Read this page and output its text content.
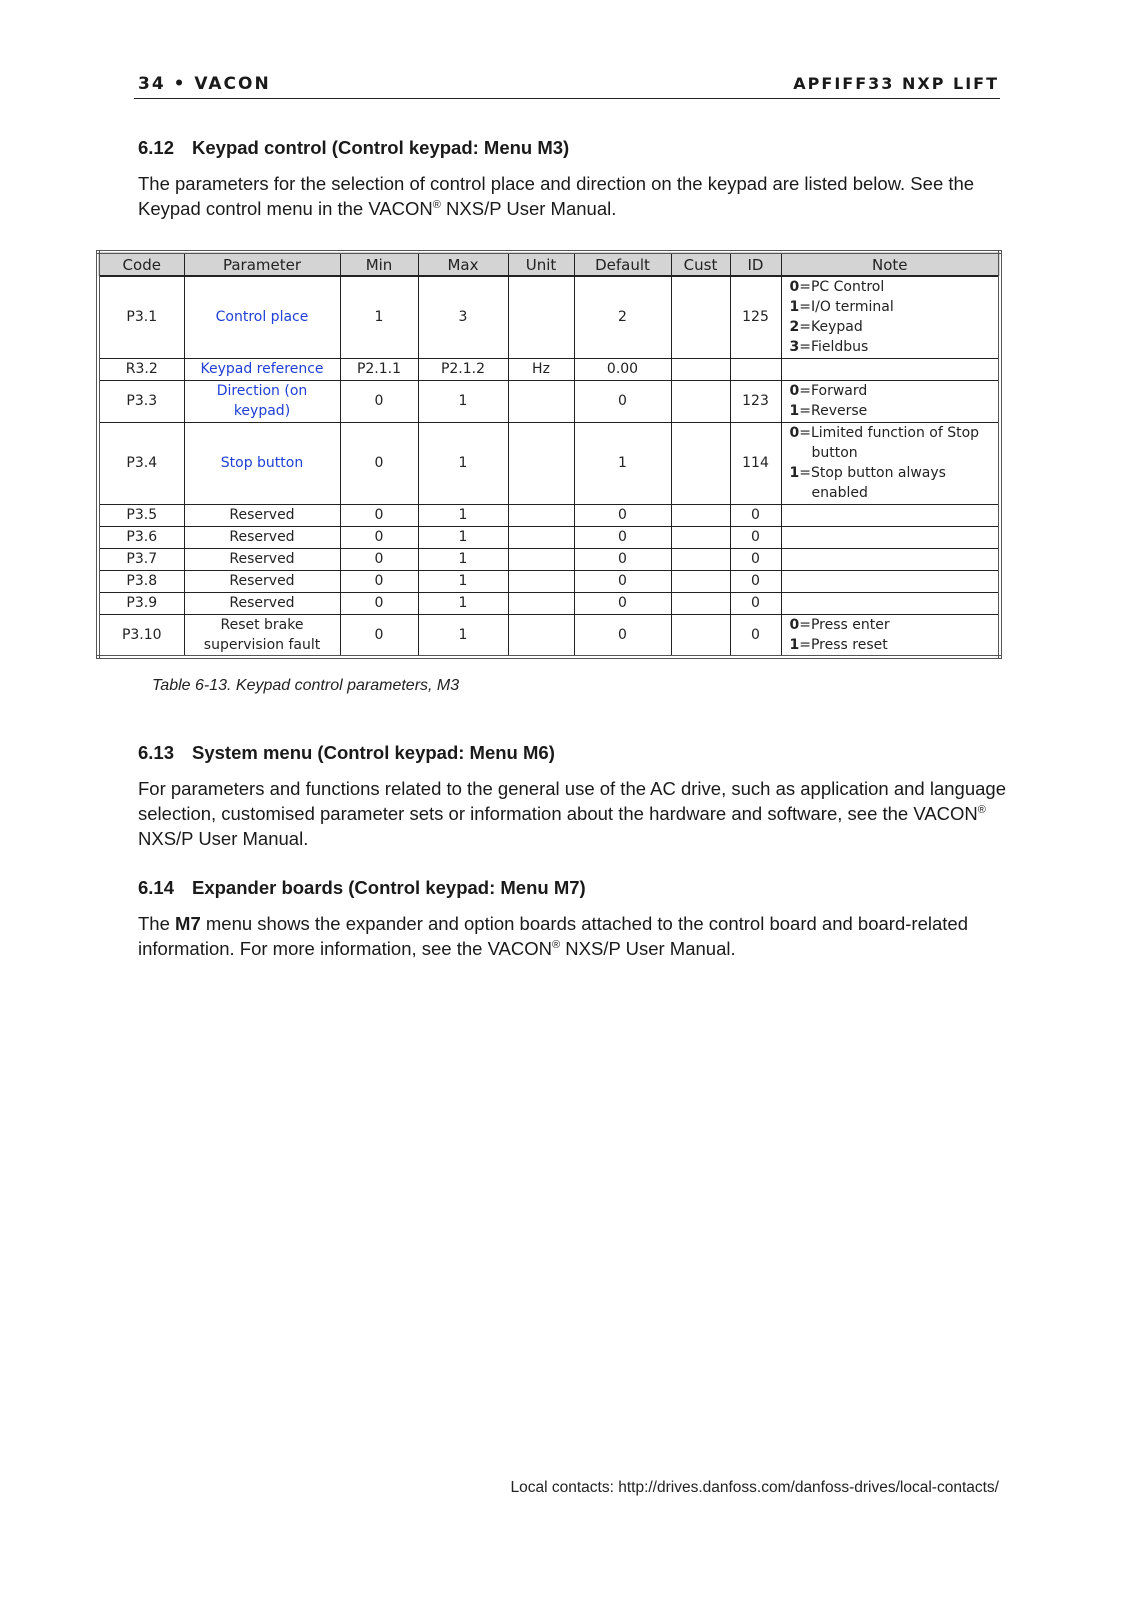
34 • VACON	APFIFF33 NXP LIFT
6.12 Keypad control (Control keypad: Menu M3)
The parameters for the selection of control place and direction on the keypad are listed below. See the Keypad control menu in the VACON® NXS/P User Manual.
Code	Parameter	Min	Max	Unit	Default	Cust	ID	Note
P3.1	Control place	1	3		2		125	0=PC Control
1=I/O terminal
2=Keypad
3=Fieldbus

R3.2	Keypad reference	P2.1.1	P2.1.2	Hz	0.00			
P3.3	Direction (on keypad)	0	1		0		123	0=Forward
1=Reverse

P3.4	Stop button	0	1		1		114	0=Limited function of Stop
button
1=Stop button always
enabled

P3.5	Reserved	0	1		0		0	
P3.6	Reserved	0	1		0		0	
P3.7	Reserved	0	1		0		0	
P3.8	Reserved	0	1		0		0	
P3.9	Reserved	0	1		0		0	
P3.10	Reset brake supervision fault	0	1		0		0	0=Press enter
1=Press reset
Table 6-13. Keypad control parameters, M3
6.13 System menu (Control keypad: Menu M6)
For parameters and functions related to the general use of the AC drive, such as application and language selection, customised parameter sets or information about the hardware and software, see the VACON® NXS/P User Manual.
6.14 Expander boards (Control keypad: Menu M7)
The M7 menu shows the expander and option boards attached to the control board and board-related information. For more information, see the VACON® NXS/P User Manual.
Local contacts: http://drives.danfoss.com/danfoss-drives/local-contacts/
